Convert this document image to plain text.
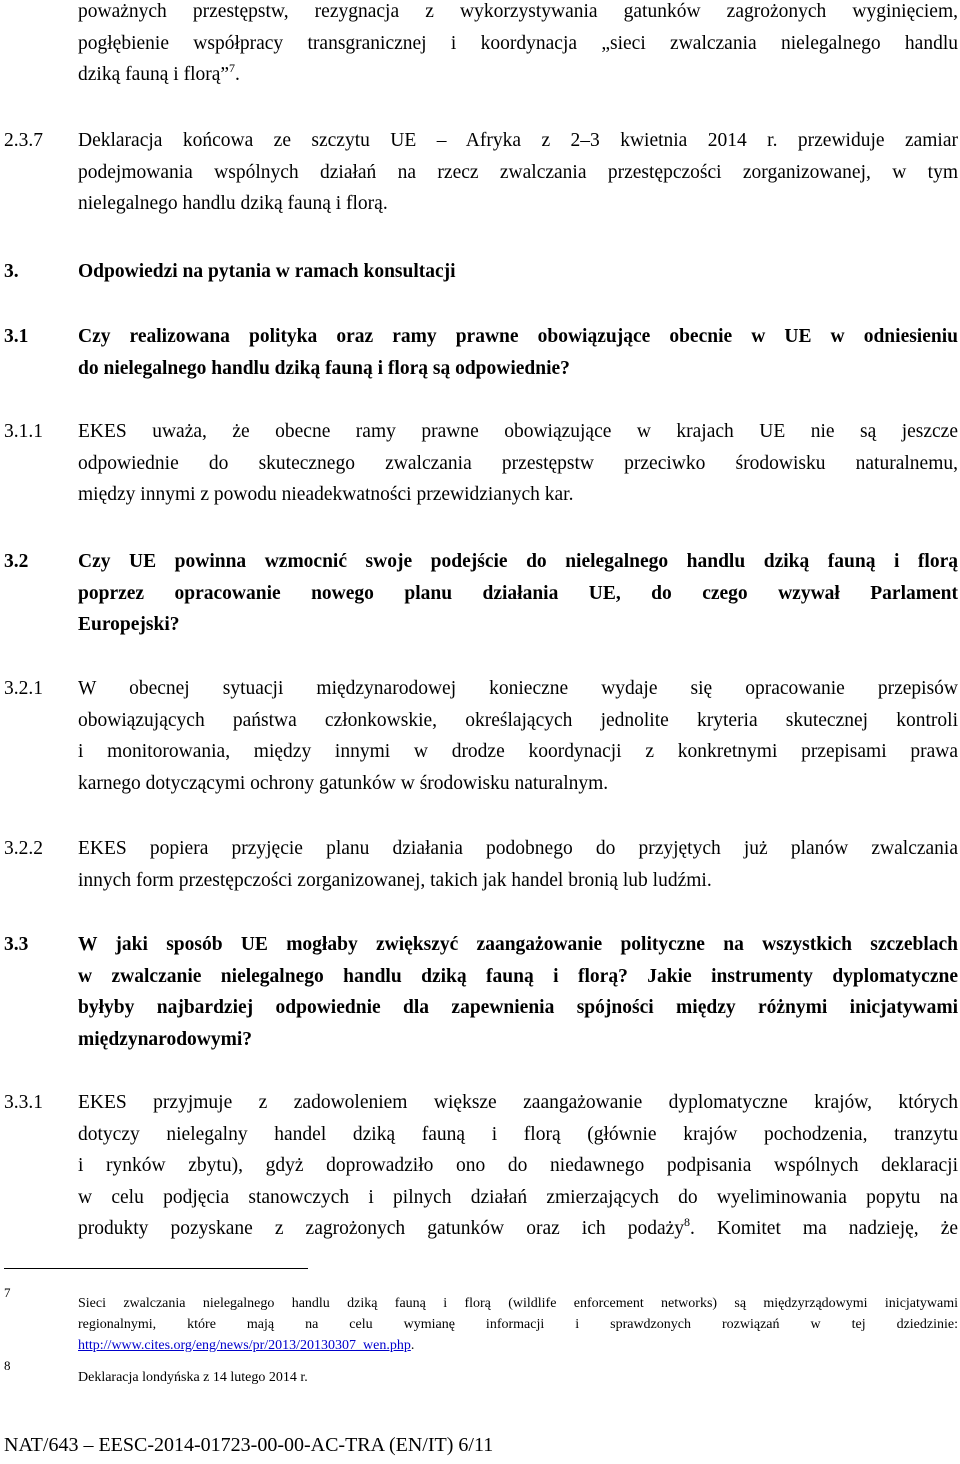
poważnych przestępstw, rezygnacja z wykorzystywania gatunków zagrożonych wyginięciem,
pogłębienie współpracy transgranicznej i koordynacja „sieci zwalczania nielegalnego handlu
dziką fauną i florą”$^7$.
2.3.7 Deklaracja końcowa ze szczytu UE – Afryka z 2–3 kwietnia 2014 r. przewiduje zamiar
podejmowania wspólnych działań na rzecz zwalczania przestępczości zorganizowanej, w tym
nielegalnego handlu dziką fauną i florą.
3.	Odpowiedzi na pytania w ramach konsultacji
3.1	Czy realizowana polityka oraz ramy prawne obowiązujące obecnie w UE w odniesieniu
do nielegalnego handlu dziką fauną i florą są odpowiednie?
3.1.1 EKES uważa, że obecne ramy prawne obowiązujące w krajach UE nie są jeszcze
odpowiednie do skutecznego zwalczania przestępstw przeciwko środowisku naturalnemu,
między innymi z powodu nieadekwatności przewidzianych kar.
3.2	Czy UE powinna wzmocnić swoje podejście do nielegalnego handlu dziką fauną i florą
poprzez opracowanie nowego planu działania UE, do czego wzywał Parlament
Europejski?
3.2.1 W obecnej sytuacji międzynarodowej konieczne wydaje się opracowanie przepisów
obowiązujących państwa członkowskie, określających jednolite kryteria skutecznej kontroli
i monitorowania, między innymi w drodze koordynacji z konkretnymi przepisami prawa
karnego dotyczącymi ochrony gatunków w środowisku naturalnym.
3.2.2 EKES popiera przyjęcie planu działania podobnego do przyjętych już planów zwalczania
innych form przestępczości zorganizowanej, takich jak handel bronią lub ludźmi.
3.3	W jaki sposób UE mogłaby zwiększyć zaangażowanie polityczne na wszystkich szczeblach
w zwalczanie nielegalnego handlu dziką fauną i florą? Jakie instrumenty dyplomatyczne
byłyby najbardziej odpowiednie dla zapewnienia spójności między różnymi inicjatywami
międzynarodowymi?
3.3.1 EKES przyjmuje z zadowoleniem większe zaangażowanie dyplomatyczne krajów, których
dotyczy nielegalny handel dziką fauną i florą (głównie krajów pochodzenia, tranzytu
i rynków zbytu), gdyż doprowadziło ono do niedawnego podpisania wspólnych deklaracji
w celu podjęcia stanowczych i pilnych działań zmierzających do wyeliminowania popytu na
produkty pozyskane z zagrożonych gatunków oraz ich podaży$^8$. Komitet ma nadzieję, że
7
Sieci zwalczania nielegalnego handlu dziką fauną i florą (wildlife enforcement networks) są międzyrządowymi inicjatywami
regionalnymi, które mają na celu wymianę informacji i sprawdzonych rozwiązań w tej dziedzinie:
http://www.cites.org/eng/news/pr/2013/20130307_wen.php.
8
Deklaracja londyńska z 14 lutego 2014 r.
NAT/643 – EESC-2014-01723-00-00-AC-TRA (EN/IT) 6/11
